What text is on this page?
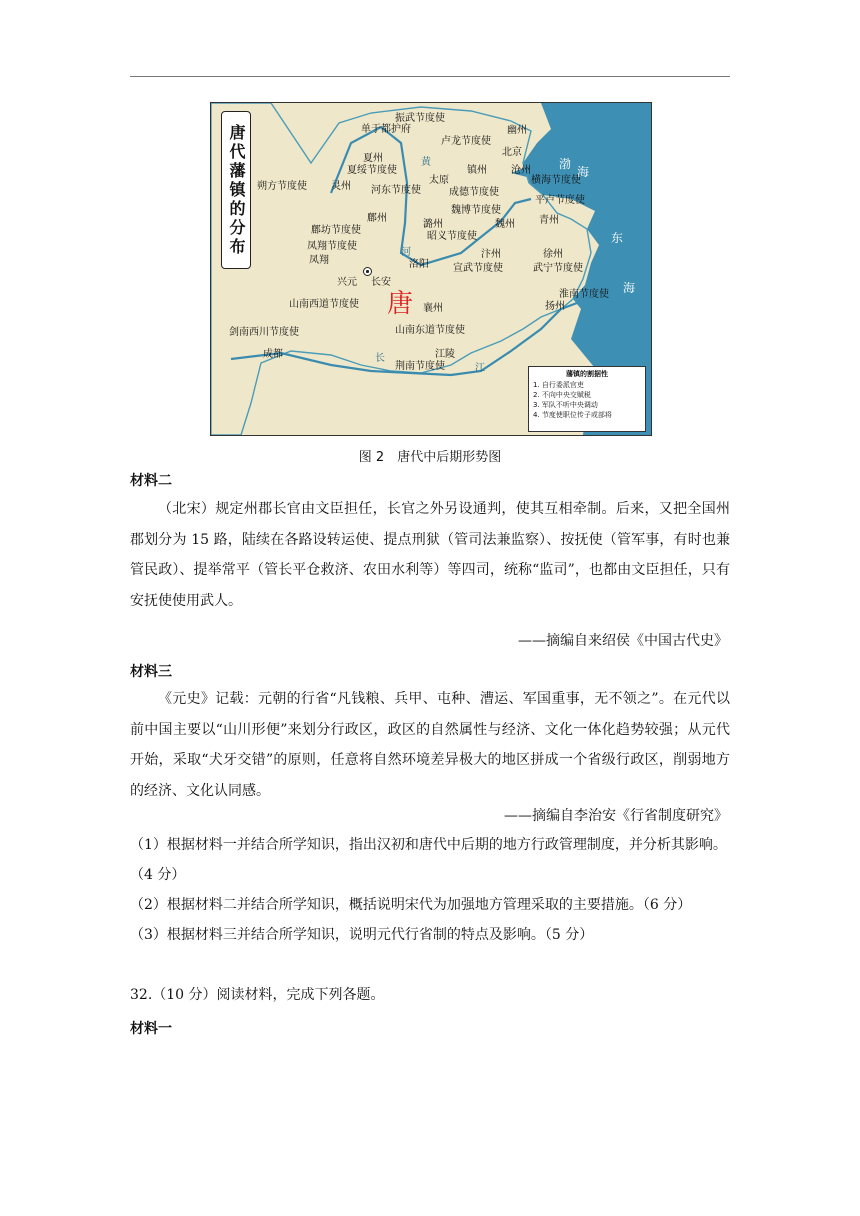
唐代藩镇的分布
振武节度使
单于都护府	幽州
卢龙节度使
北京
黄
夏州
夏绥节度使	镇州 沧州
太原	横海节度使
朔方节度使 灵州 河东节度使	成德节度使
平卢节度使
魏博节度使
鄜州	青州
潞州	魏州
鄜坊节度使
昭义节度使
河
凤翔节度使
汴州	徐州
凤翔	洛阳 宣武节度使	武宁节度使
兴元 长安
淮南节度使
山南西道节度使	扬州
襄州
山南东道节度使
剑南西川节度使
长	江陵
成都
江
荆南节度使
唐
渤
海
东
海
藩镇的割据性
1. 自行委派官吏
2. 不向中央交赋税
3. 军队不听中央调动
4. 节度使职位传子或部将
图 2　唐代中后期形势图
材料二

（北宋）规定州郡长官由文臣担任，长官之外另设通判，使其互相牵制。后来，又把全国州郡划分为 15 路，陆续在各路设转运使、提点刑狱（管司法兼监察）、按抚使（管军事，有时也兼管民政）、提举常平（管长平仓救济、农田水利等）等四司，统称“监司”，也都由文臣担任，只有安抚使使用武人。

——摘编自来绍侯《中国古代史》
材料三

《元史》记载：元朝的行省“凡钱粮、兵甲、屯种、漕运、军国重事，无不领之”。在元代以前中国主要以“山川形便”来划分行政区，政区的自然属性与经济、文化一体化趋势较强；从元代开始，采取“犬牙交错”的原则，任意将自然环境差异极大的地区拼成一个省级行政区，削弱地方的经济、文化认同感。

——摘编自李治安《行省制度研究》

（1）根据材料一并结合所学知识，指出汉初和唐代中后期的地方行政管理制度，并分析其影响。　（4 分）

（2）根据材料二并结合所学知识，概括说明宋代为加强地方管理采取的主要措施。（6 分）

（3）根据材料三并结合所学知识，说明元代行省制的特点及影响。（5 分）

32.（10 分）阅读材料，完成下列各题。
材料一
